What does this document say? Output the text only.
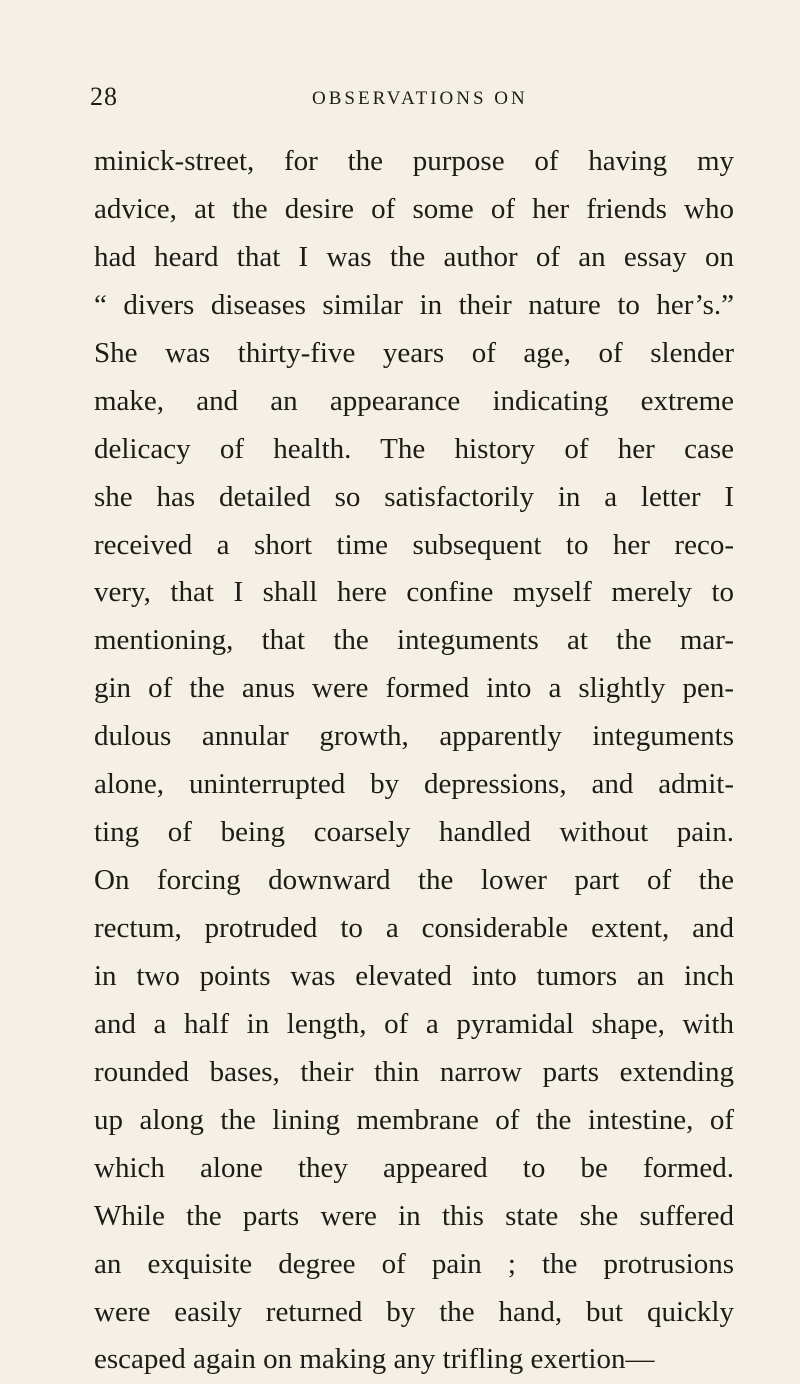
28	OBSERVATIONS ON
minick-street, for the purpose of having my
advice, at the desire of some of her friends who
had heard that I was the author of an essay on
“ divers diseases similar in their nature to her’s.”
She was thirty-five years of age, of slender
make, and an appearance indicating extreme
delicacy of health. The history of her case
she has detailed so satisfactorily in a letter I
received a short time subsequent to her reco-
very, that I shall here confine myself merely to
mentioning, that the integuments at the mar-
gin of the anus were formed into a slightly pen-
dulous annular growth, apparently integuments
alone, uninterrupted by depressions, and admit-
ting of being coarsely handled without pain.
On forcing downward the lower part of the
rectum, protruded to a considerable extent, and
in two points was elevated into tumors an inch
and a half in length, of a pyramidal shape, with
rounded bases, their thin narrow parts extending
up along the lining membrane of the intestine, of
which alone they appeared to be formed.
While the parts were in this state she suffered
an exquisite degree of pain ; the protrusions
were easily returned by the hand, but quickly
escaped again on making any trifling exertion—
